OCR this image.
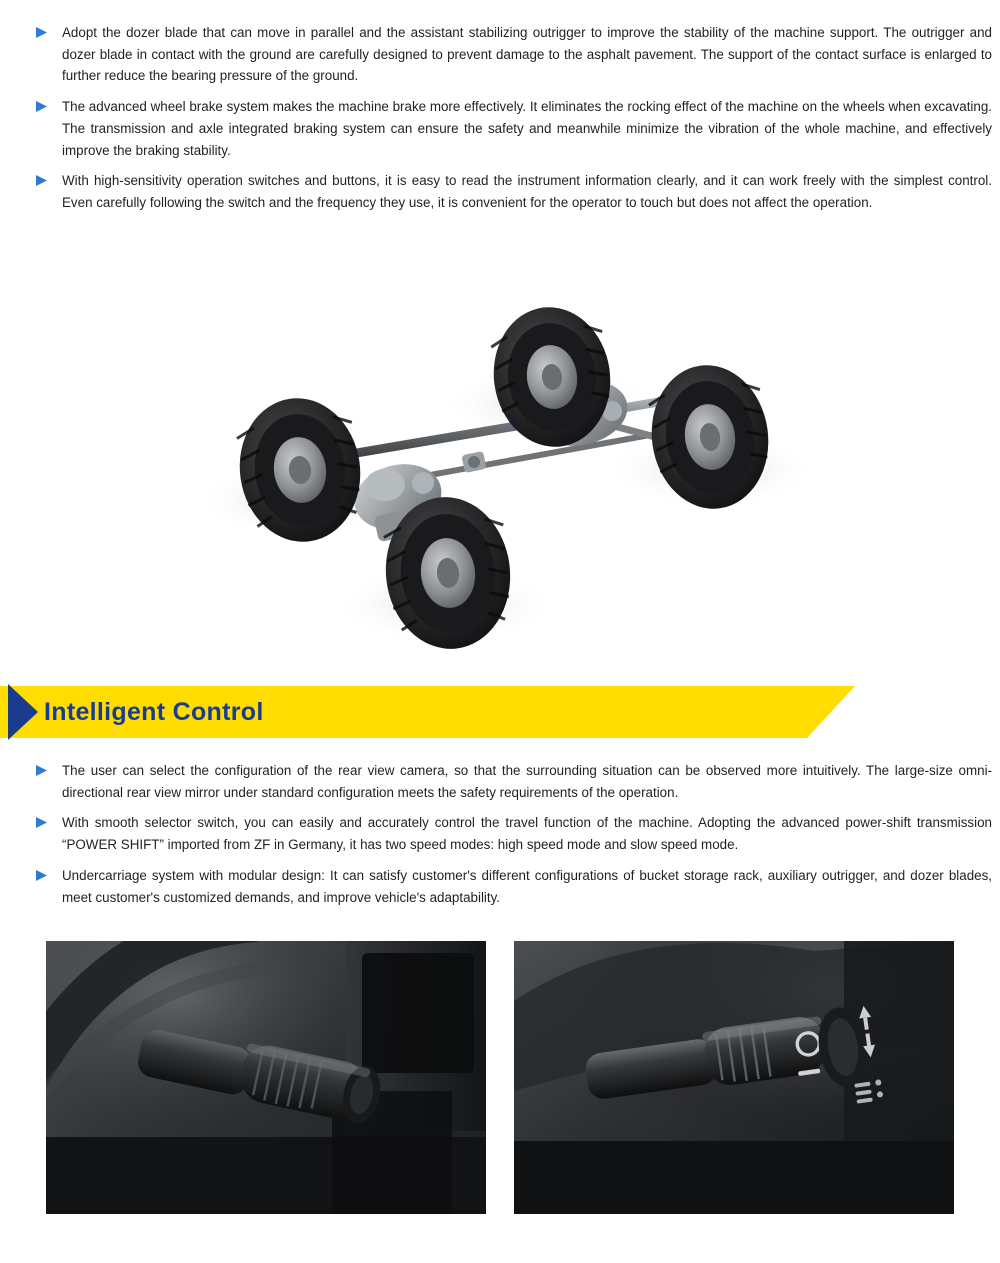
Adopt the dozer blade that can move in parallel and the assistant stabilizing outrigger to improve the stability of the machine support. The outrigger and dozer blade in contact with the ground are carefully designed to prevent damage to the asphalt pavement. The support of the contact surface is enlarged to further reduce the bearing pressure of the ground.
The advanced wheel brake system makes the machine brake more effectively. It eliminates the rocking effect of the machine on the wheels when excavating. The transmission and axle integrated braking system can ensure the safety and meanwhile minimize the vibration of the whole machine, and effectively improve the braking stability.
With high-sensitivity operation switches and buttons, it is easy to read the instrument information clearly, and it can work freely with the simplest control. Even carefully following the switch and the frequency they use, it is convenient for the operator to touch but does not affect the operation.
Intelligent Control
The user can select the configuration of the rear view camera, so that the surrounding situation can be observed more intuitively. The large-size omni-directional rear view mirror under standard configuration meets the safety requirements of the operation.
With smooth selector switch, you can easily and accurately control the travel function of the machine. Adopting the advanced power-shift transmission “POWER SHIFT” imported from ZF in Germany, it has two speed modes: high speed mode and slow speed mode.
Undercarriage system with modular design: It can satisfy customer's different configurations of bucket storage rack, auxiliary outrigger, and dozer blades, meet customer's customized demands, and improve vehicle's adaptability.
